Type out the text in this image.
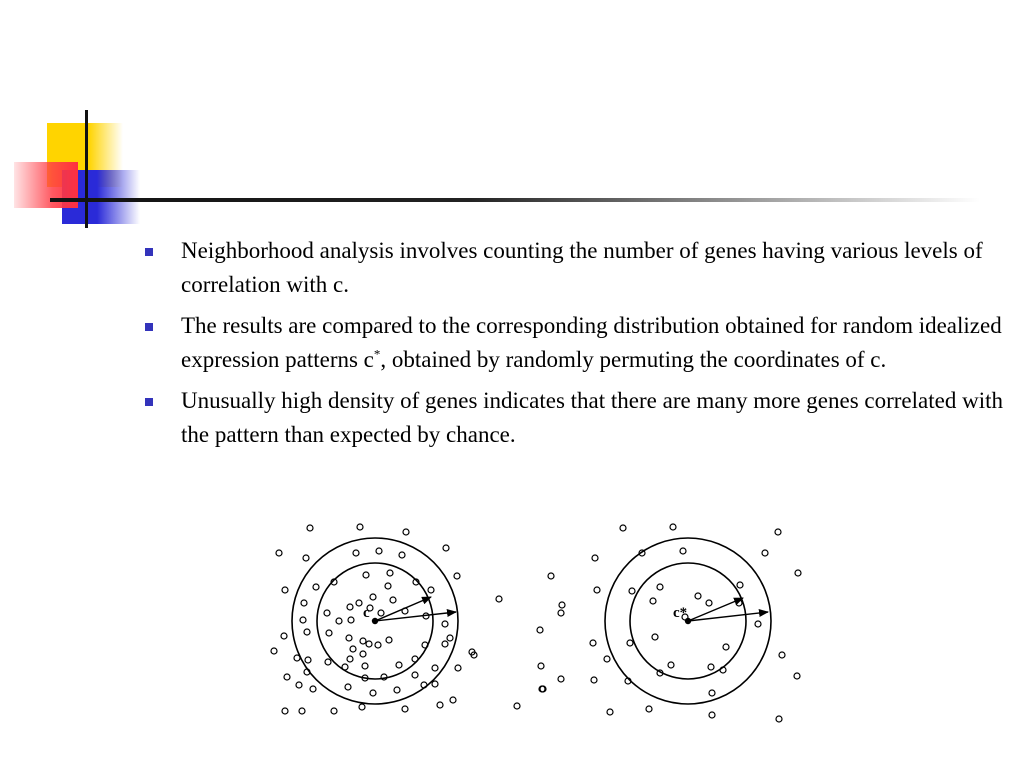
Neighborhood analysis involves counting the number of genes having various levels of correlation with c.
The results are compared to the corresponding distribution obtained for random idealized expression patterns c*, obtained by randomly permuting the coordinates of c.
Unusually high density of genes indicates that there are many more genes correlated with the pattern than expected by chance.
c	c*
